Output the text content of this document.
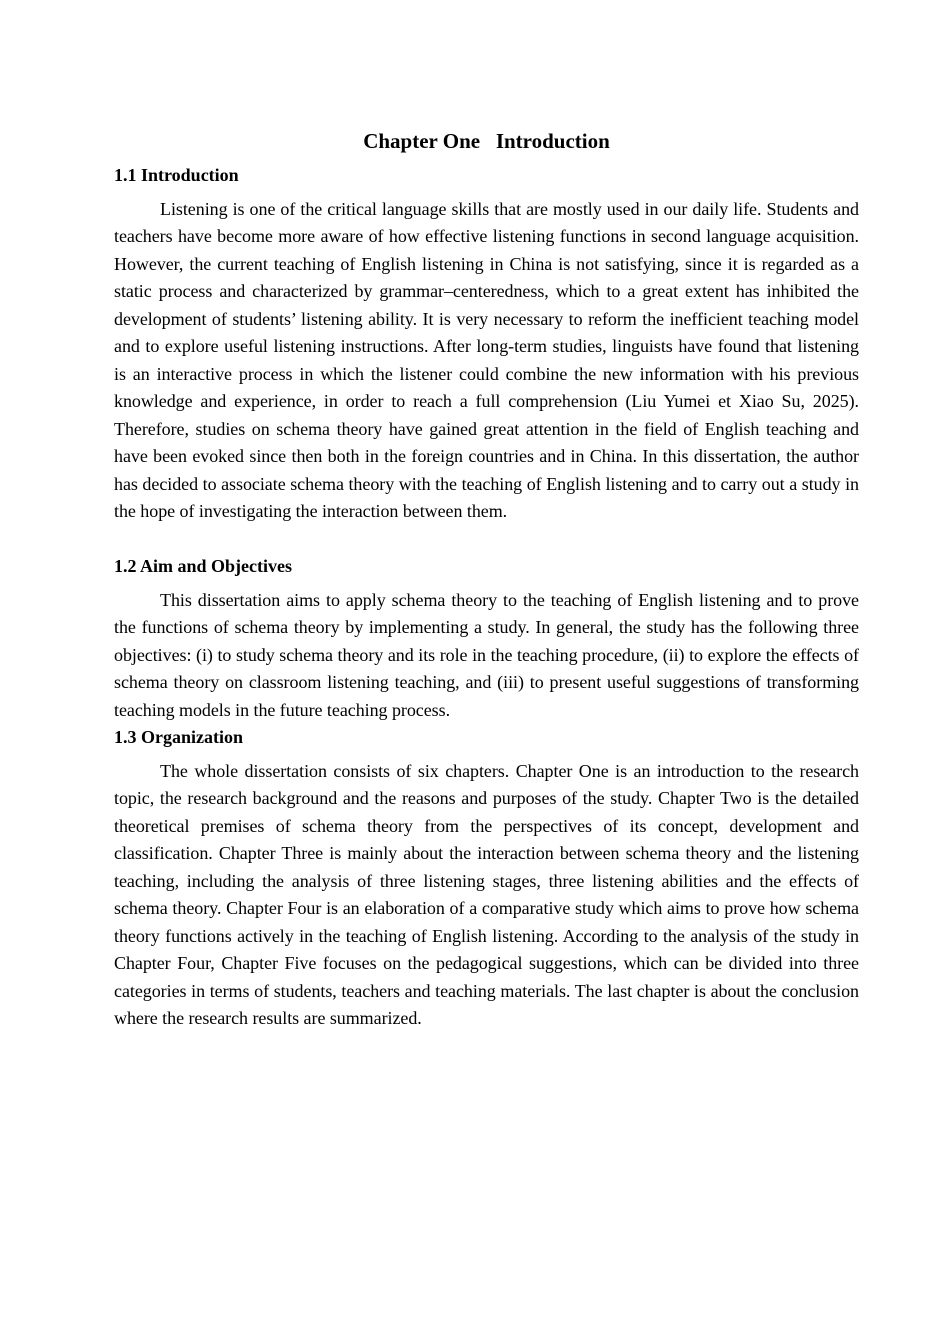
Chapter One   Introduction
1.1 Introduction

Listening is one of the critical language skills that are mostly used in our daily life. Students and teachers have become more aware of how effective listening functions in second language acquisition. However, the current teaching of English listening in China is not satisfying, since it is regarded as a static process and characterized by grammar–centeredness, which to a great extent has inhibited the development of students’ listening ability. It is very necessary to reform the inefficient teaching model and to explore useful listening instructions. After long-term studies, linguists have found that listening is an interactive process in which the listener could combine the new information with his previous knowledge and experience, in order to reach a full comprehension (Liu Yumei et Xiao Su, 2025). Therefore, studies on schema theory have gained great attention in the field of English teaching and have been evoked since then both in the foreign countries and in China. In this dissertation, the author has decided to associate schema theory with the teaching of English listening and to carry out a study in the hope of investigating the interaction between them.

1.2 Aim and Objectives

This dissertation aims to apply schema theory to the teaching of English listening and to prove the functions of schema theory by implementing a study. In general, the study has the following three objectives: (i) to study schema theory and its role in the teaching procedure, (ii) to explore the effects of schema theory on classroom listening teaching, and (iii) to present useful suggestions of transforming teaching models in the future teaching process.

1.3 Organization

The whole dissertation consists of six chapters. Chapter One is an introduction to the research topic, the research background and the reasons and purposes of the study. Chapter Two is the detailed theoretical premises of schema theory from the perspectives of its concept, development and classification. Chapter Three is mainly about the interaction between schema theory and the listening teaching, including the analysis of three listening stages, three listening abilities and the effects of schema theory. Chapter Four is an elaboration of a comparative study which aims to prove how schema theory functions actively in the teaching of English listening. According to the analysis of the study in Chapter Four, Chapter Five focuses on the pedagogical suggestions, which can be divided into three categories in terms of students, teachers and teaching materials. The last chapter is about the conclusion where the research results are summarized.
